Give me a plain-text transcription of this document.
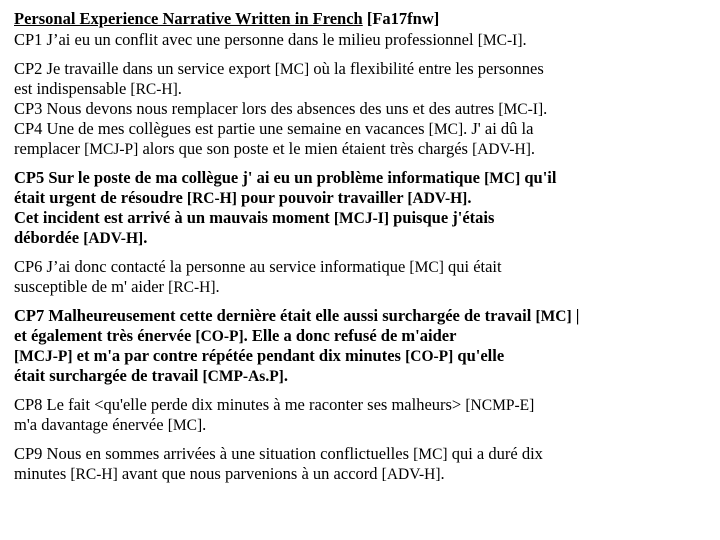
Personal Experience Narrative Written in French [Fa17fnw]
CP1 J’ai eu un conflit avec une personne dans le milieu professionnel [MC-I].
CP2 Je travaille dans un service export [MC] où la flexibilité entre les personnes
est indispensable [RC-H].
CP3 Nous devons nous remplacer lors des absences des uns et des autres [MC-I].
CP4 Une de mes collègues est partie une semaine en vacances [MC]. J' ai dû la
remplacer [MCJ-P] alors que son poste et le mien étaient très chargés [ADV-H].
CP5 Sur le poste de ma collègue j' ai eu un problème informatique [MC] qu'il
était urgent de résoudre [RC-H] pour pouvoir travailler [ADV-H].
Cet incident est arrivé à un mauvais moment [MCJ-I] puisque j'étais
débordée [ADV-H].
CP6 J’ai donc contacté la personne au service informatique [MC] qui était
susceptible de m' aider [RC-H].
CP7 Malheureusement cette dernière était elle aussi surchargée de travail [MC] |
et également très énervée [CO-P]. Elle a donc refusé de m'aider
[MCJ-P] et m'a par contre répétée pendant dix minutes [CO-P] qu'elle
était surchargée de travail [CMP-As.P].
CP8 Le fait <qu'elle perde dix minutes à me raconter ses malheurs> [NCMP-E]
m'a davantage énervée [MC].
CP9 Nous en sommes arrivées à une situation conflictuelles [MC] qui a duré dix
minutes [RC-H] avant que nous parvenions à un accord [ADV-H].
